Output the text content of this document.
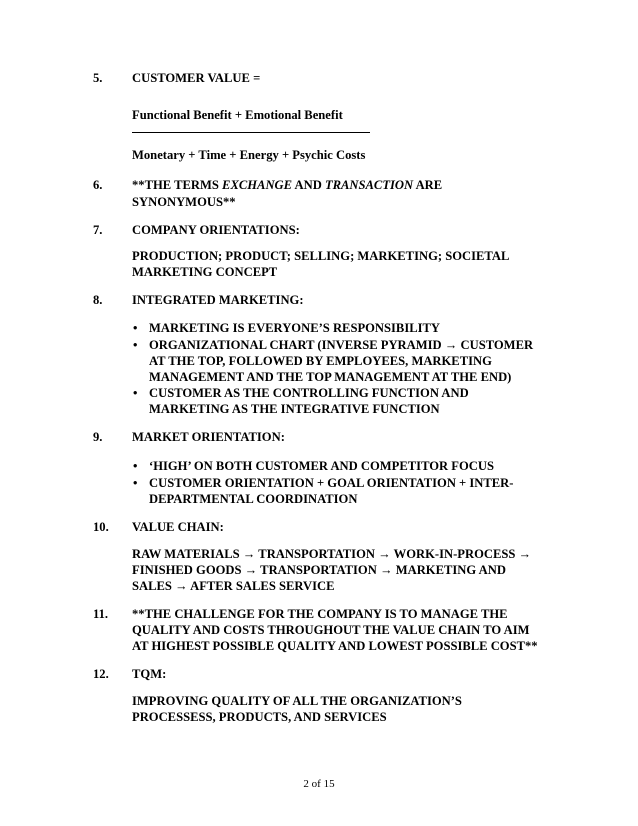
5. CUSTOMER VALUE =
Functional Benefit + Emotional Benefit
Monetary + Time + Energy + Psychic Costs
6. **THE TERMS EXCHANGE AND TRANSACTION ARE
SYNONYMOUS**
7. COMPANY ORIENTATIONS:
PRODUCTION; PRODUCT; SELLING; MARKETING; SOCIETAL
MARKETING CONCEPT
8. INTEGRATED MARKETING:
• MARKETING IS EVERYONE’S RESPONSIBILITY
• ORGANIZATIONAL CHART (INVERSE PYRAMID → CUSTOMER
AT THE TOP, FOLLOWED BY EMPLOYEES, MARKETING
MANAGEMENT AND THE TOP MANAGEMENT AT THE END)
• CUSTOMER AS THE CONTROLLING FUNCTION AND
MARKETING AS THE INTEGRATIVE FUNCTION
9. MARKET ORIENTATION:
• ‘HIGH’ ON BOTH CUSTOMER AND COMPETITOR FOCUS
• CUSTOMER ORIENTATION + GOAL ORIENTATION + INTER-
DEPARTMENTAL COORDINATION
10. VALUE CHAIN:
RAW MATERIALS → TRANSPORTATION → WORK-IN-PROCESS →
FINISHED GOODS → TRANSPORTATION → MARKETING AND
SALES → AFTER SALES SERVICE
11. **THE CHALLENGE FOR THE COMPANY IS TO MANAGE THE
QUALITY AND COSTS THROUGHOUT THE VALUE CHAIN TO AIM
AT HIGHEST POSSIBLE QUALITY AND LOWEST POSSIBLE COST**
12. TQM:
IMPROVING QUALITY OF ALL THE ORGANIZATION’S
PROCESSESS, PRODUCTS, AND SERVICES
2 of 15
